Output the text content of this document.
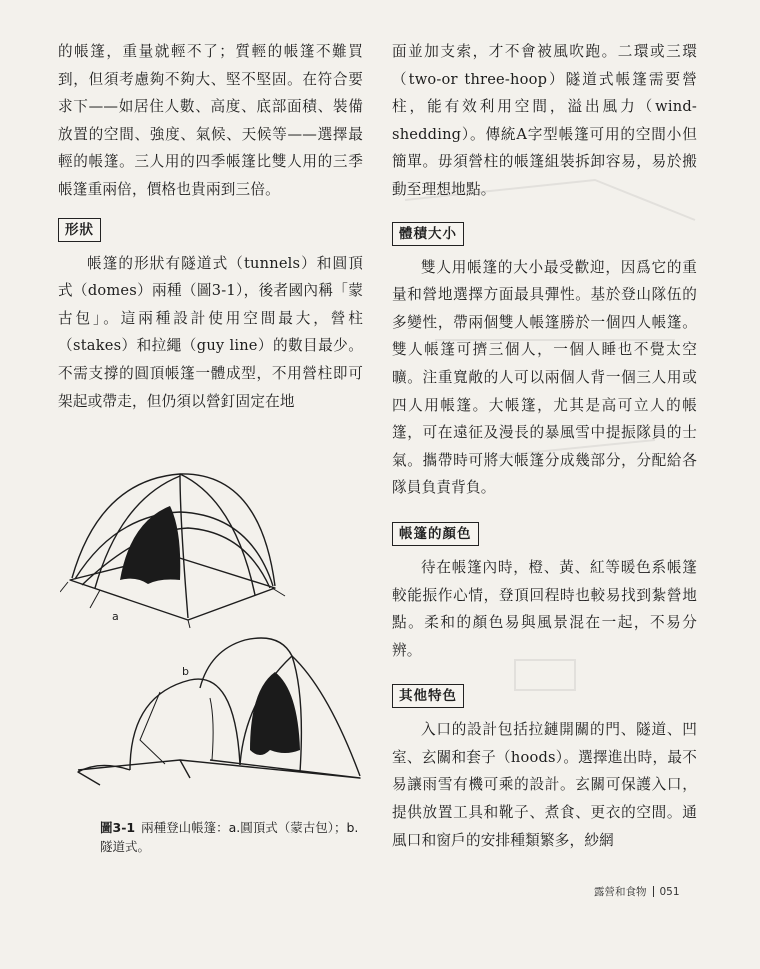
的帳篷，重量就輕不了；質輕的帳篷不難買到，但須考慮夠不夠大、堅不堅固。在符合要求下——如居住人數、高度、底部面積、裝備放置的空間、強度、氣候、天候等——選擇最輕的帳篷。三人用的四季帳篷比雙人用的三季帳篷重兩倍，價格也貴兩到三倍。

形狀

帳篷的形狀有隧道式（tunnels）和圓頂式（domes）兩種（圖3-1），後者國內稱「蒙古包」。這兩種設計使用空間最大，營柱（stakes）和拉繩（guy line）的數目最少。不需支撐的圓頂帳篷一體成型，不用營柱即可架起或帶走，但仍須以營釘固定在地

a
b
圖3-1 兩種登山帳篷：a.圓頂式（蒙古包）；b.隧道式。

面並加支索，才不會被風吹跑。二環或三環（two-or three-hoop）隧道式帳篷需要營柱，能有效利用空間，溢出風力（wind-shedding）。傳統A字型帳篷可用的空間小但簡單。毋須營柱的帳篷組裝拆卸容易，易於搬動至理想地點。

體積大小

雙人用帳篷的大小最受歡迎，因爲它的重量和營地選擇方面最具彈性。基於登山隊伍的多變性，帶兩個雙人帳篷勝於一個四人帳篷。雙人帳篷可擠三個人，一個人睡也不覺太空曠。注重寬敞的人可以兩個人背一個三人用或四人用帳篷。大帳篷，尤其是高可立人的帳篷，可在遠征及漫長的暴風雪中提振隊員的士氣。攜帶時可將大帳篷分成幾部分，分配給各隊員負責背負。

帳篷的顏色

待在帳篷內時，橙、黃、紅等暖色系帳篷較能振作心情，登頂回程時也較易找到紮營地點。柔和的顏色易與風景混在一起，不易分辨。

其他特色

入口的設計包括拉鏈開關的門、隧道、凹室、玄關和套子（hoods）。選擇進出時，最不易讓雨雪有機可乘的設計。玄關可保護入口，提供放置工具和靴子、煮食、更衣的空間。通風口和窗戶的安排種類繁多，紗網

露營和食物 051
